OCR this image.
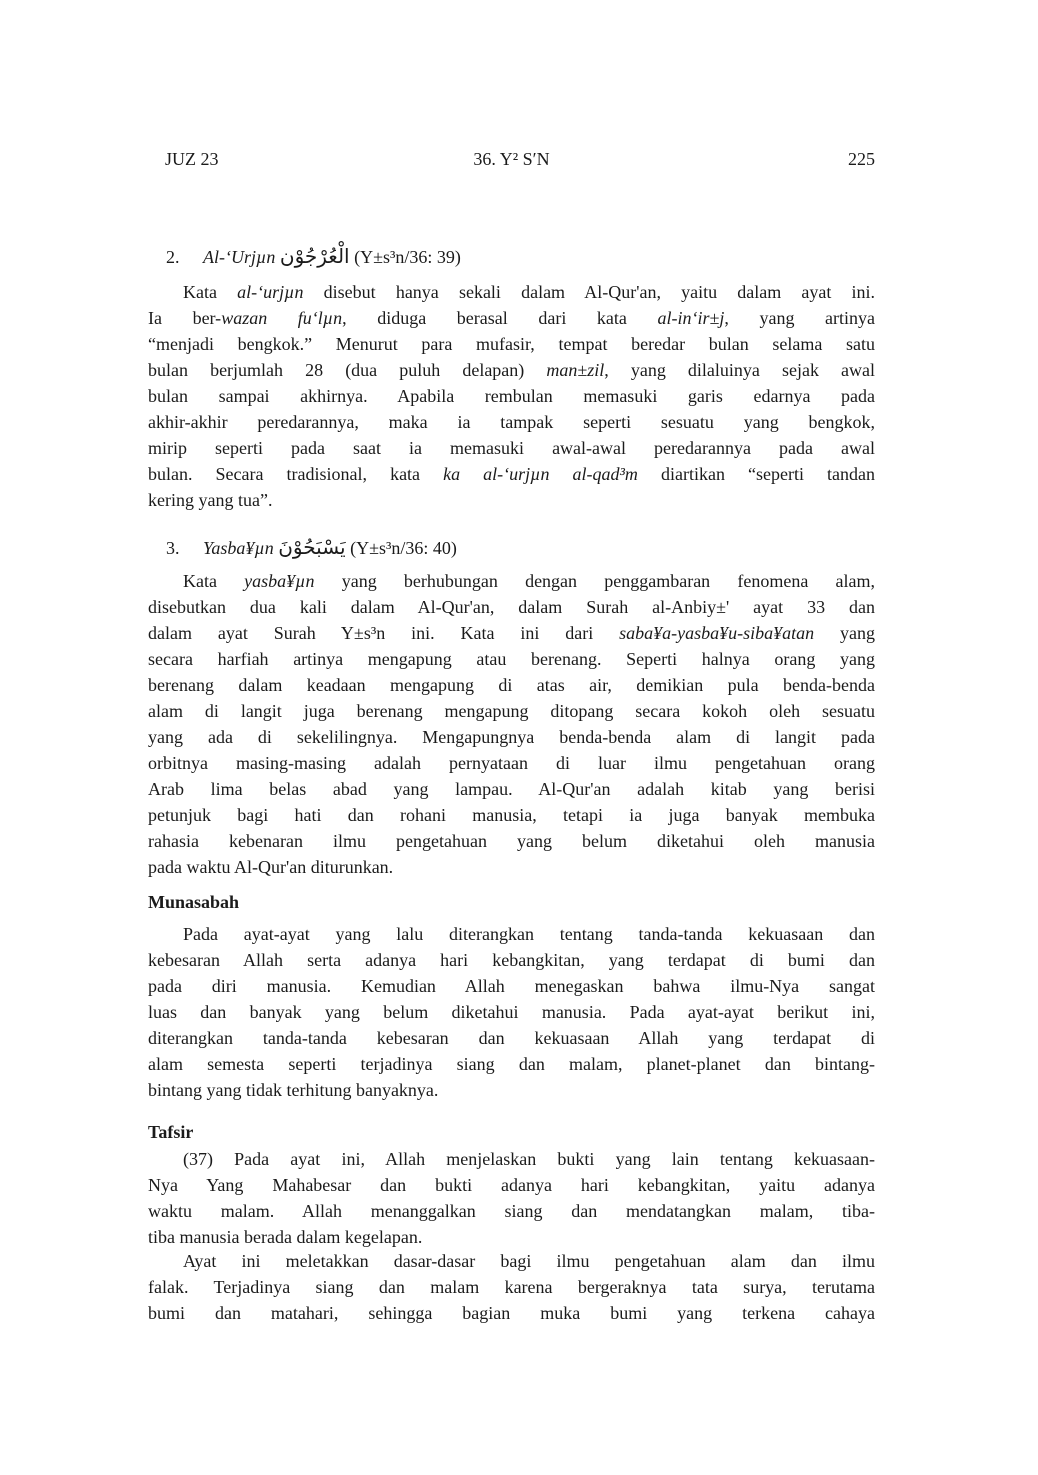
JUZ 23	36. Y² S′N	225
2. Al-‘Urjµn الْعُرْجُوْن (Y±s³n/36: 39)
Kata al-‘urjµn disebut hanya sekali dalam Al-Qur'an, yaitu dalam ayat ini.
Ia ber-wazan fu‘lµn, diduga berasal dari kata al-in‘ir±j, yang artinya
“menjadi bengkok.” Menurut para mufasir, tempat beredar bulan selama satu
bulan berjumlah 28 (dua puluh delapan) man±zil, yang dilaluinya sejak awal
bulan sampai akhirnya. Apabila rembulan memasuki garis edarnya pada
akhir-akhir peredarannya, maka ia tampak seperti sesuatu yang bengkok,
mirip seperti pada saat ia memasuki awal-awal peredarannya pada awal
bulan. Secara tradisional, kata ka al-‘urjµn al-qad³m diartikan “seperti tandan
kering yang tua”.
3. Yasba¥µn يَسْبَحُوْنَ (Y±s³n/36: 40)
Kata yasba¥µn yang berhubungan dengan penggambaran fenomena alam,
disebutkan dua kali dalam Al-Qur'an, dalam Surah al-Anbiy±' ayat 33 dan
dalam ayat Surah Y±s³n ini. Kata ini dari saba¥a-yasba¥u-siba¥atan yang
secara harfiah artinya mengapung atau berenang. Seperti halnya orang yang
berenang dalam keadaan mengapung di atas air, demikian pula benda-benda
alam di langit juga berenang mengapung ditopang secara kokoh oleh sesuatu
yang ada di sekelilingnya. Mengapungnya benda-benda alam di langit pada
orbitnya masing-masing adalah pernyataan di luar ilmu pengetahuan orang
Arab lima belas abad yang lampau. Al-Qur'an adalah kitab yang berisi
petunjuk bagi hati dan rohani manusia, tetapi ia juga banyak membuka
rahasia kebenaran ilmu pengetahuan yang belum diketahui oleh manusia
pada waktu Al-Qur'an diturunkan.
Munasabah
Pada ayat-ayat yang lalu diterangkan tentang tanda-tanda kekuasaan dan
kebesaran Allah serta adanya hari kebangkitan, yang terdapat di bumi dan
pada diri manusia. Kemudian Allah menegaskan bahwa ilmu-Nya sangat
luas dan banyak yang belum diketahui manusia. Pada ayat-ayat berikut ini,
diterangkan tanda-tanda kebesaran dan kekuasaan Allah yang terdapat di
alam semesta seperti terjadinya siang dan malam, planet-planet dan bintang-
bintang yang tidak terhitung banyaknya.
Tafsir
(37) Pada ayat ini, Allah menjelaskan bukti yang lain tentang kekuasaan-
Nya Yang Mahabesar dan bukti adanya hari kebangkitan, yaitu adanya
waktu malam. Allah menanggalkan siang dan mendatangkan malam, tiba-
tiba manusia berada dalam kegelapan.
Ayat ini meletakkan dasar-dasar bagi ilmu pengetahuan alam dan ilmu
falak. Terjadinya siang dan malam karena bergeraknya tata surya, terutama
bumi dan matahari, sehingga bagian muka bumi yang terkena cahaya
